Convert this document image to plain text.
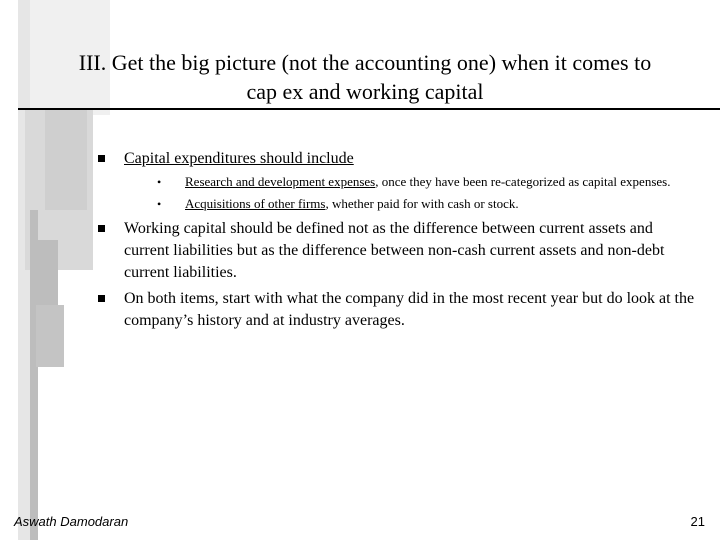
III. Get the big picture (not the accounting one) when it comes to cap ex and working capital
Capital expenditures should include
• Research and development expenses, once they have been re-categorized as capital expenses.
• Acquisitions of other firms, whether paid for with cash or stock.
Working capital should be defined not as the difference between current assets and current liabilities but as the difference between non-cash current assets and non-debt current liabilities.
On both items, start with what the company did in the most recent year but do look at the company’s history and at industry averages.
Aswath Damodaran	21
